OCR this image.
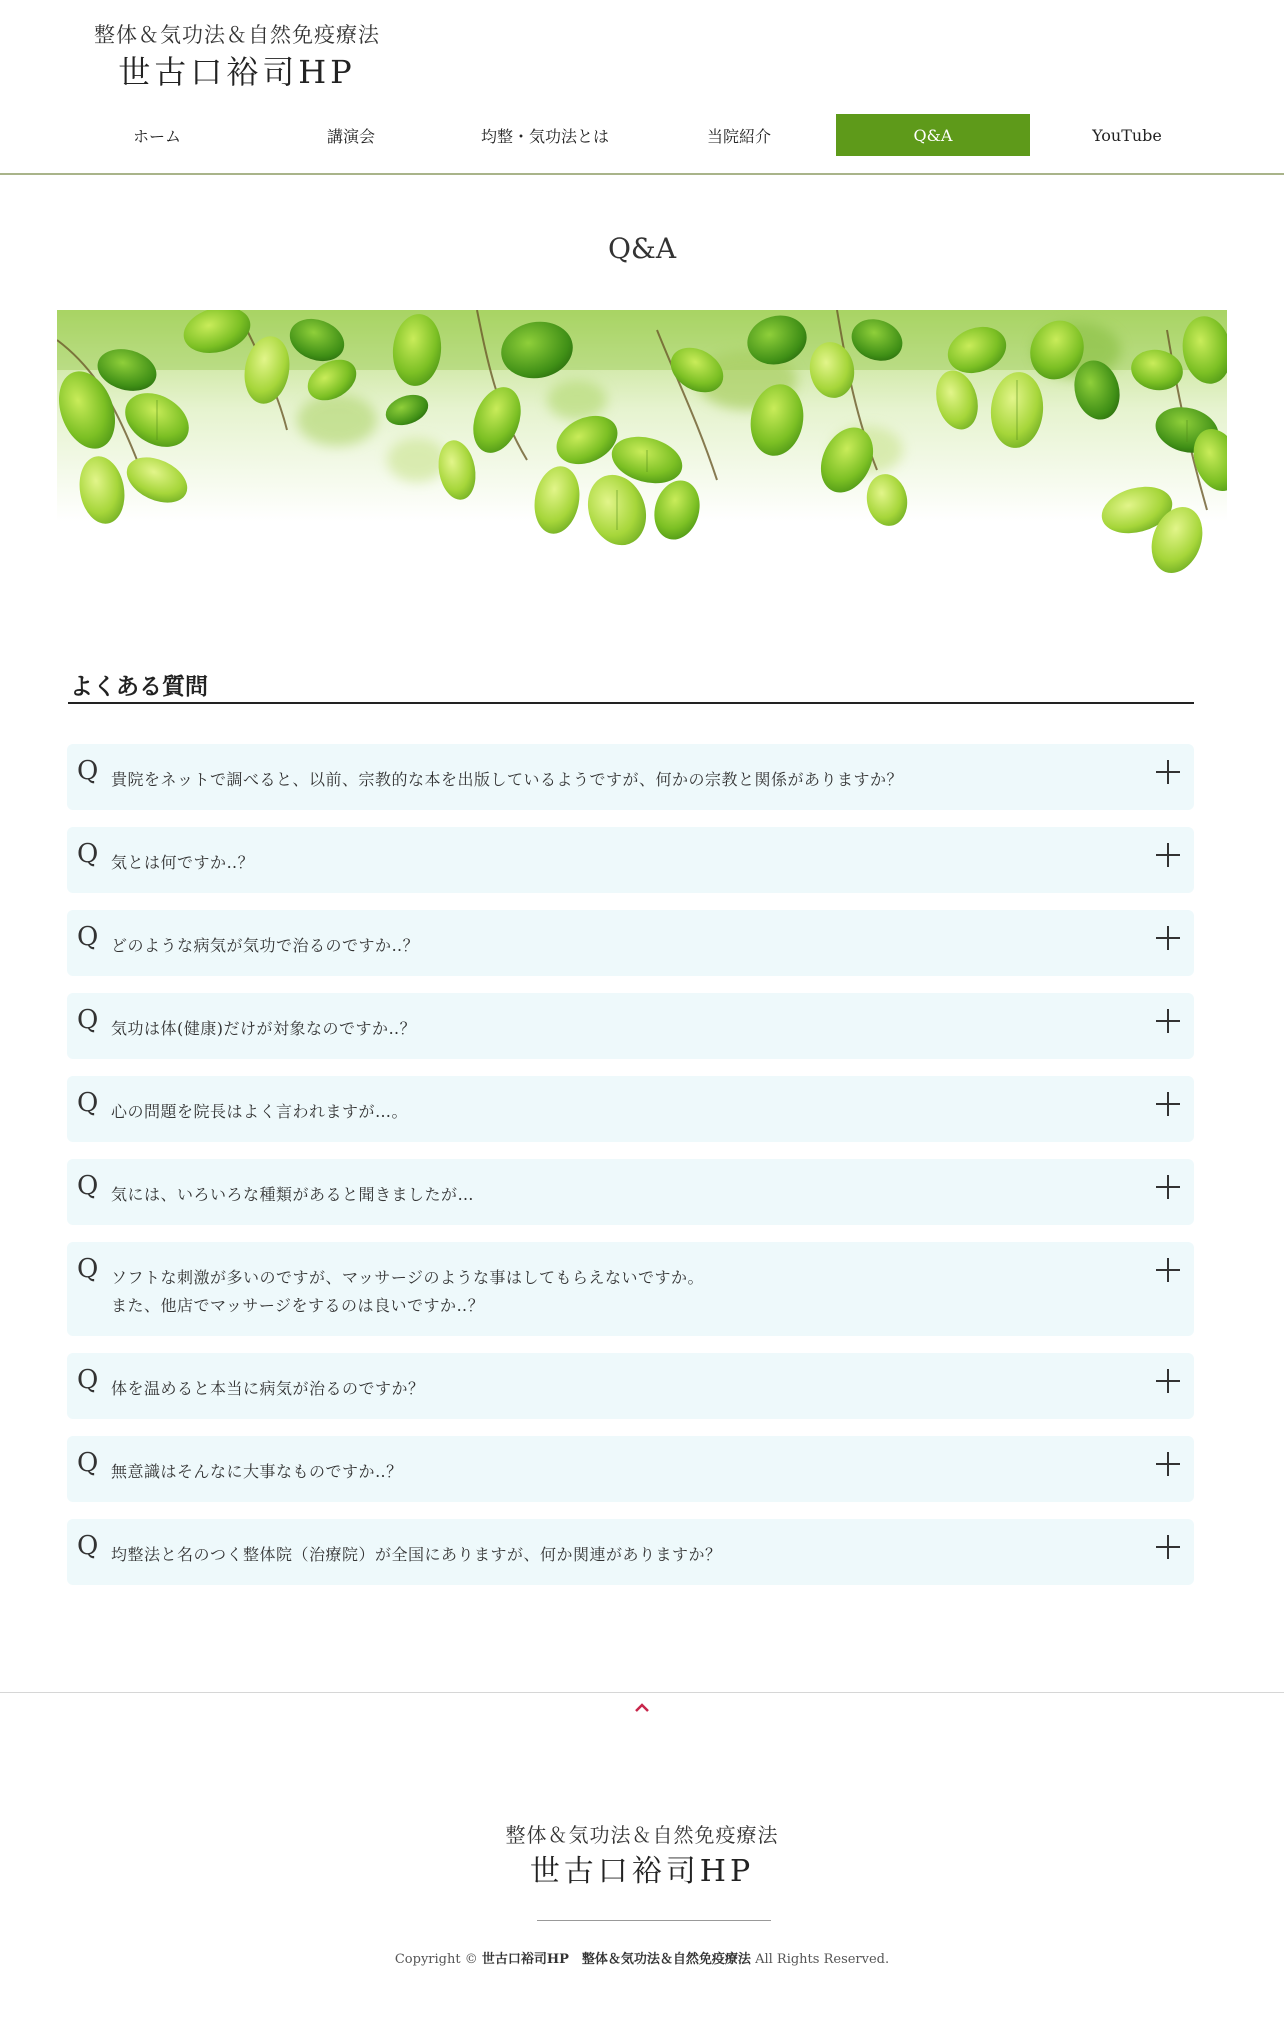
整体＆気功法＆自然免疫療法
世古口裕司HP
ホーム	講演会	均整・気功法とは	当院紹介	Q&A	YouTube
Q&A
よくある質問
Q 貴院をネットで調べると、以前、宗教的な本を出版しているようですが、何かの宗教と関係がありますか？
Q 気とは何ですか‥？
Q どのような病気が気功で治るのですか‥？
Q 気功は体(健康)だけが対象なのですか‥？
Q 心の問題を院長はよく言われますが…。
Q 気には、いろいろな種類があると聞きましたが…
Q ソフトな刺激が多いのですが、マッサージのような事はしてもらえないですか。
また、他店でマッサージをするのは良いですか‥？
Q 体を温めると本当に病気が治るのですか？
Q 無意識はそんなに大事なものですか‥？
Q 均整法と名のつく整体院（治療院）が全国にありますが、何か関連がありますか？
整体＆気功法＆自然免疫療法
世古口裕司HP
Copyright © 世古口裕司HP　整体＆気功法＆自然免疫療法 All Rights Reserved.
